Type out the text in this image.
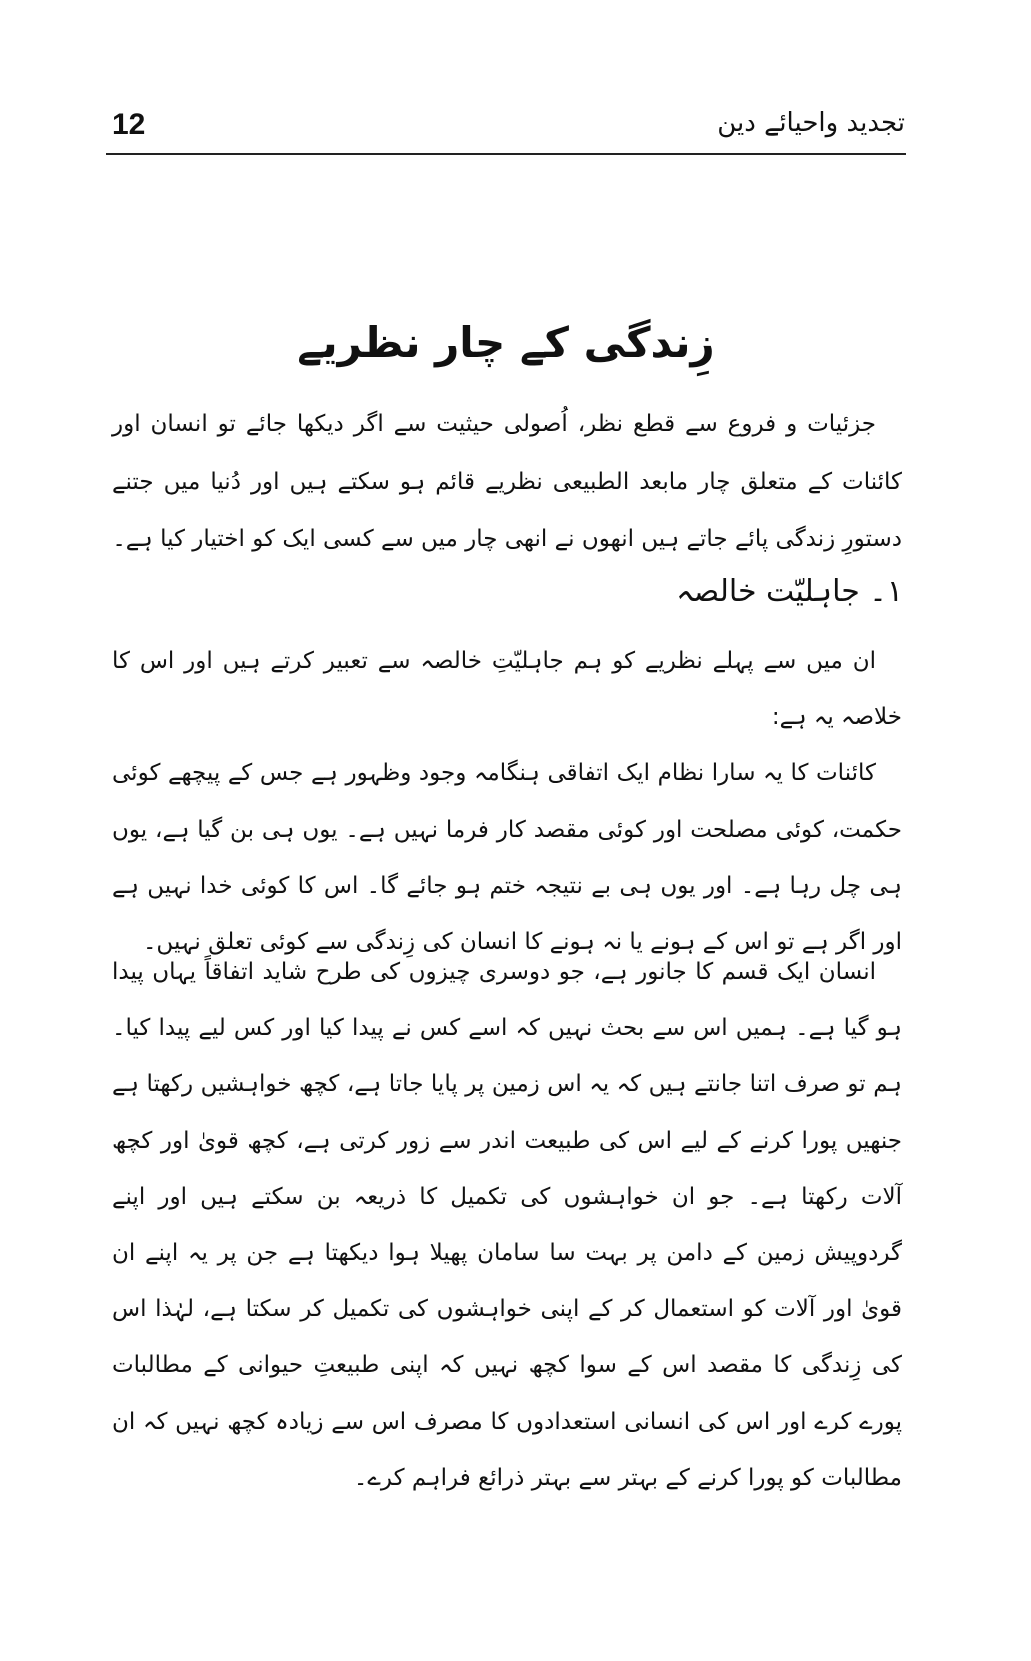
12	تجدید واحیائے دین
زِندگی کے چار نظریے

جزئیات و فروع سے قطع نظر، اُصولی حیثیت سے اگر دیکھا جائے تو انسان اور کائنات کے متعلق چار مابعد الطبیعی نظریے قائم ہو سکتے ہیں اور دُنیا میں جتنے دستورِ زندگی پائے جاتے ہیں انھوں نے انھی چار میں سے کسی ایک کو اختیار کیا ہے۔

۱۔ جاہلیّت خالصہ

ان میں سے پہلے نظریے کو ہم جاہلیّتِ خالصہ سے تعبیر کرتے ہیں اور اس کا خلاصہ یہ ہے:

کائنات کا یہ سارا نظام ایک اتفاقی ہنگامہ وجود وظہور ہے جس کے پیچھے کوئی حکمت، کوئی مصلحت اور کوئی مقصد کار فرما نہیں ہے۔ یوں ہی بن گیا ہے، یوں ہی چل رہا ہے۔ اور یوں ہی بے نتیجہ ختم ہو جائے گا۔ اس کا کوئی خدا نہیں ہے اور اگر ہے تو اس کے ہونے یا نہ ہونے کا انسان کی زِندگی سے کوئی تعلق نہیں۔

انسان ایک قسم کا جانور ہے، جو دوسری چیزوں کی طرح شاید اتفاقاً یہاں پیدا ہو گیا ہے۔ ہمیں اس سے بحث نہیں کہ اسے کس نے پیدا کیا اور کس لیے پیدا کیا۔ ہم تو صرف اتنا جانتے ہیں کہ یہ اس زمین پر پایا جاتا ہے، کچھ خواہشیں رکھتا ہے جنھیں پورا کرنے کے لیے اس کی طبیعت اندر سے زور کرتی ہے، کچھ قویٰ اور کچھ آلات رکھتا ہے۔ جو ان خواہشوں کی تکمیل کا ذریعہ بن سکتے ہیں اور اپنے گردوپیش زمین کے دامن پر بہت سا سامان پھیلا ہوا دیکھتا ہے جن پر یہ اپنے ان قویٰ اور آلات کو استعمال کر کے اپنی خواہشوں کی تکمیل کر سکتا ہے، لہٰذا اس کی زِندگی کا مقصد اس کے سوا کچھ نہیں کہ اپنی طبیعتِ حیوانی کے مطالبات پورے کرے اور اس کی انسانی استعدادوں کا مصرف اس سے زیادہ کچھ نہیں کہ ان مطالبات کو پورا کرنے کے بہتر سے بہتر ذرائع فراہم کرے۔
